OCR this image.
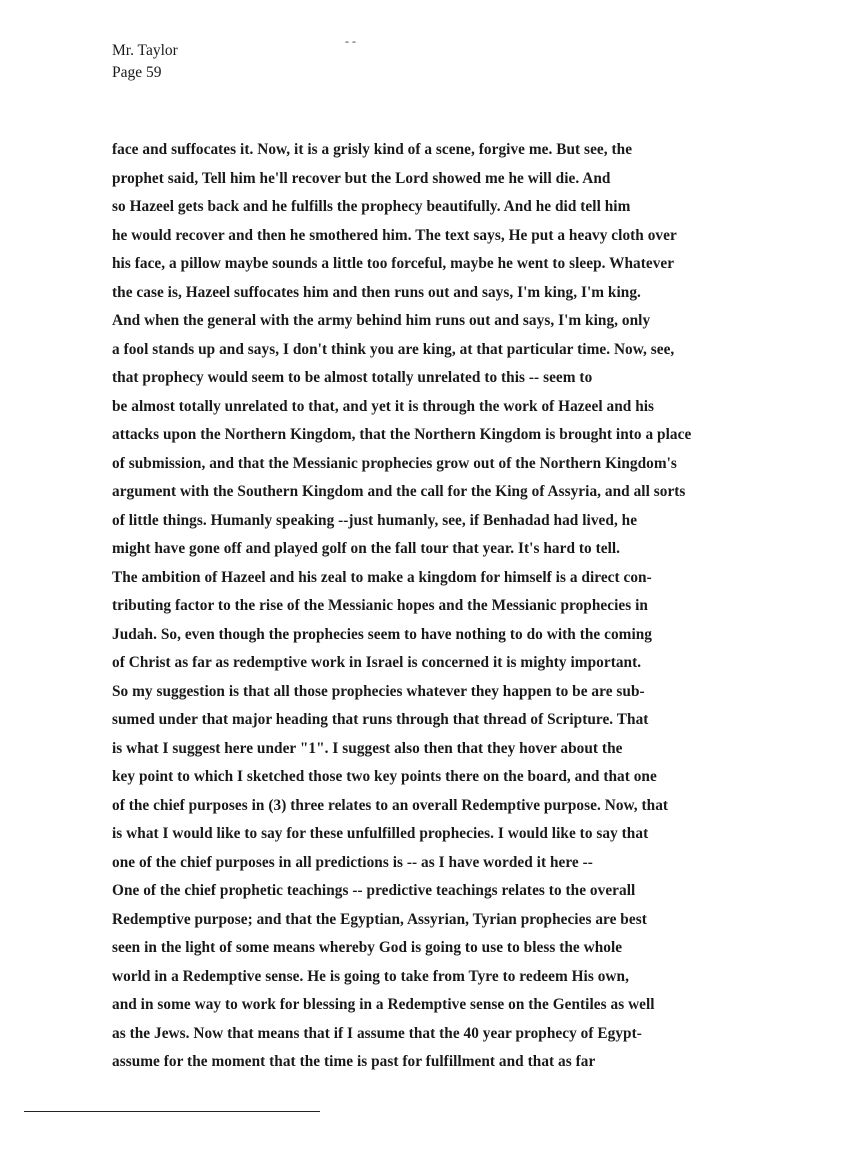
- -
Mr. Taylor
Page 59
face and suffocates it. Now, it is a grisly kind of a scene, forgive me. But see, the
prophet said, Tell him he'll recover but the Lord showed me he will die. And
so Hazeel gets back and he fulfills the prophecy beautifully. And he did tell him
he would recover and then he smothered him. The text says, He put a heavy cloth over
his face, a pillow maybe sounds a little too forceful, maybe he went to sleep. Whatever
the case is, Hazeel suffocates him and then runs out and says, I'm king, I'm king.
And when the general with the army behind him runs out and says, I'm king, only
a fool stands up and says, I don't think you are king, at that particular time. Now, see,
that prophecy would seem to be almost totally unrelated to this -- seem to
be almost totally unrelated to that, and yet it is through the work of Hazeel and his
attacks upon the Northern Kingdom, that the Northern Kingdom is brought into a place
of submission, and that the Messianic prophecies grow out of the Northern Kingdom's
argument with the Southern Kingdom and the call for the King of Assyria, and all sorts
of little things. Humanly speaking --just humanly, see, if Benhadad had lived, he
might have gone off and played golf on the fall tour that year. It's hard to tell.
The ambition of Hazeel and his zeal to make a kingdom for himself is a direct con-
tributing factor to the rise of the Messianic hopes and the Messianic prophecies in
Judah. So, even though the prophecies seem to have nothing to do with the coming
of Christ as far as redemptive work in Israel is concerned it is mighty important.
So my suggestion is that all those prophecies whatever they happen to be are sub-
sumed under that major heading that runs through that thread of Scripture. That
is what I suggest here under "1". I suggest also then that they hover about the
key point to which I sketched those two key points there on the board, and that one
of the chief purposes in (3) three relates to an overall Redemptive purpose. Now, that
is what I would like to say for these unfulfilled prophecies. I would like to say that
one of the chief purposes in all predictions is -- as I have worded it here --
One of the chief prophetic teachings -- predictive teachings relates to the overall
Redemptive purpose; and that the Egyptian, Assyrian, Tyrian prophecies are best
seen in the light of some means whereby God is going to use to bless the whole
world in a Redemptive sense. He is going to take from Tyre to redeem His own,
and in some way to work for blessing in a Redemptive sense on the Gentiles as well
as the Jews. Now that means that if I assume that the 40 year prophecy of Egypt-
assume for the moment that the time is past for fulfillment and that as far
